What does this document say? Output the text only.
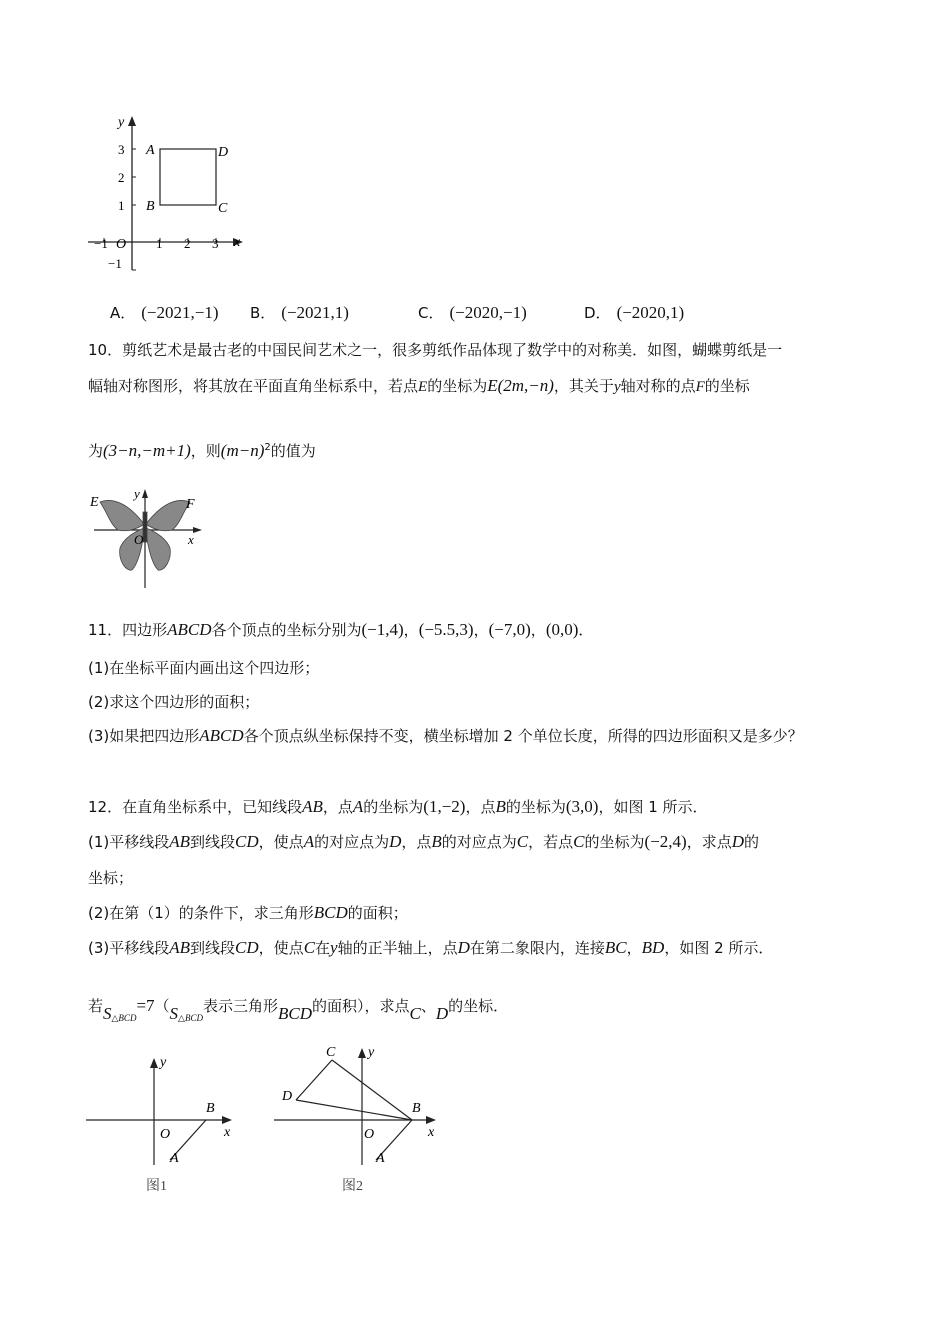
y
x
O
−1	1 2 3
3
2
1
−1
A
B	C
D
A． (−2021,−1) B． (−2021,1)	C． (−2020,−1)	D． (−2020,1)
10．剪纸艺术是最古老的中国民间艺术之一，很多剪纸作品体现了数学中的对称美．如图，蝴蝶剪纸是一
幅轴对称图形，将其放在平面直角坐标系中，若点E的坐标为E(2m,−n)，其关于y轴对称的点F的坐标
为(3−n,−m+1)，则$(m-n)^2$的值为
E	F
y
x
O
11．四边形ABCD各个顶点的坐标分别为(−1,4)，(−5.5,3)，(−7,0)，(0,0)．
(1)在坐标平面内画出这个四边形；
(2)求这个四边形的面积；
(3)如果把四边形ABCD各个顶点纵坐标保持不变，横坐标增加 2 个单位长度，所得的四边形面积又是多少？
12．在直角坐标系中，已知线段AB，点A的坐标为(1,−2)，点B的坐标为(3,0)，如图 1 所示．
(1)平移线段AB到线段CD，使点A的对应点为D，点B的对应点为C，若点C的坐标为(−2,4)，求点D的
坐标；
(2)在第（1）的条件下，求三角形BCD的面积；
(3)平移线段AB到线段CD，使点C在y轴的正半轴上，点D在第二象限内，连接BC，BD，如图 2 所示．
若$S_{\triangle BCD}=7(S_{\triangle BCD}$表示三角形BCD的面积），求点C、D的坐标．
y
x
O
B
A
图1
y
x
O
B
A
C
D
图2
